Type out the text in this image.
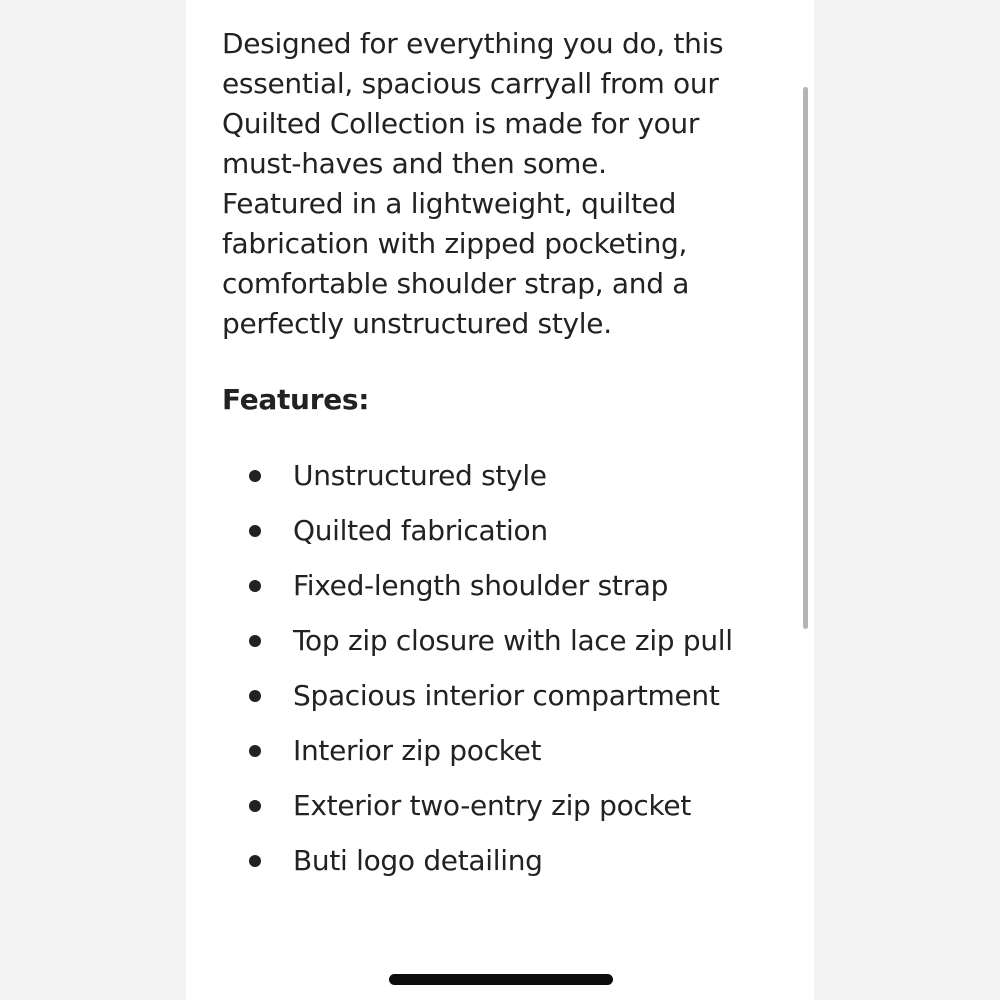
Designed for everything you do, this
essential, spacious carryall from our
Quilted Collection is made for your
must-haves and then some.
Featured in a lightweight, quilted
fabrication with zipped pocketing,
comfortable shoulder strap, and a
perfectly unstructured style.

Features:
Unstructured style
Quilted fabrication
Fixed-length shoulder strap
Top zip closure with lace zip pull
Spacious interior compartment
Interior zip pocket
Exterior two-entry zip pocket
Buti logo detailing
